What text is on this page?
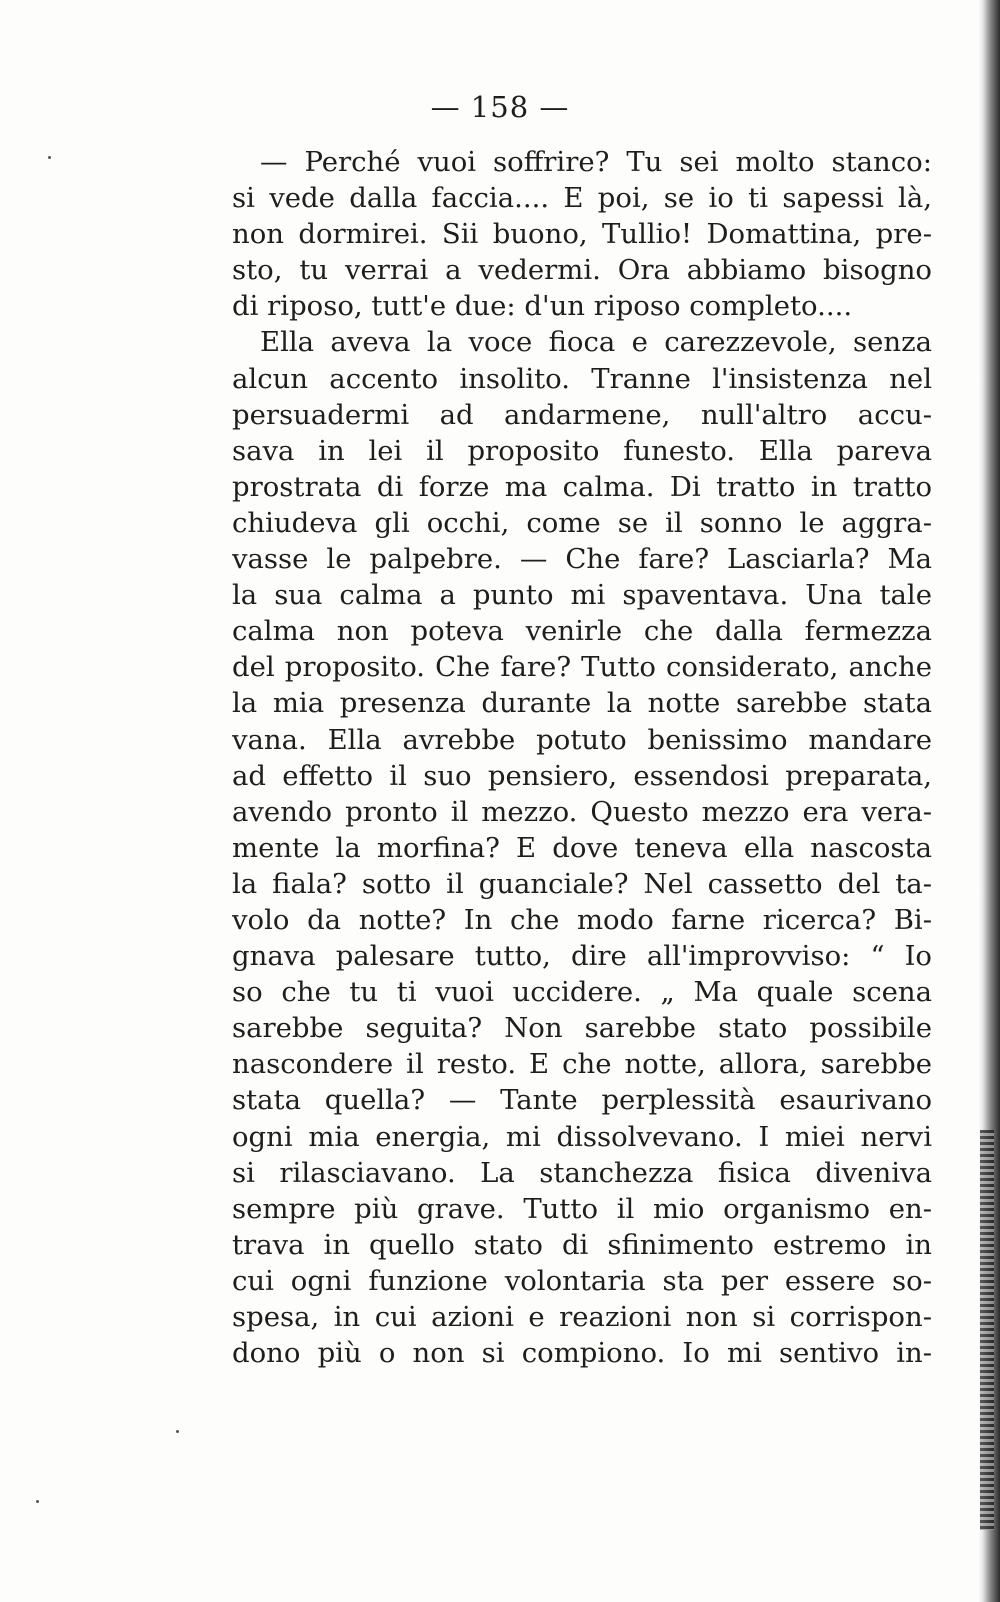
— 158 —
— Perché vuoi soffrire? Tu sei molto stanco:
si vede dalla faccia.... E poi, se io ti sapessi là,
non dormirei. Sii buono, Tullio! Domattina, pre-
sto, tu verrai a vedermi. Ora abbiamo bisogno
di riposo, tutt'e due: d'un riposo completo....
Ella aveva la voce fioca e carezzevole, senza
alcun accento insolito. Tranne l'insistenza nel
persuadermi ad andarmene, null'altro accu-
sava in lei il proposito funesto. Ella pareva
prostrata di forze ma calma. Di tratto in tratto
chiudeva gli occhi, come se il sonno le aggra-
vasse le palpebre. — Che fare? Lasciarla? Ma
la sua calma a punto mi spaventava. Una tale
calma non poteva venirle che dalla fermezza
del proposito. Che fare? Tutto considerato, anche
la mia presenza durante la notte sarebbe stata
vana. Ella avrebbe potuto benissimo mandare
ad effetto il suo pensiero, essendosi preparata,
avendo pronto il mezzo. Questo mezzo era vera-
mente la morfina? E dove teneva ella nascosta
la fiala? sotto il guanciale? Nel cassetto del ta-
volo da notte? In che modo farne ricerca? Bi-
gnava palesare tutto, dire all'improvviso: “ Io
so che tu ti vuoi uccidere. „ Ma quale scena
sarebbe seguita? Non sarebbe stato possibile
nascondere il resto. E che notte, allora, sarebbe
stata quella? — Tante perplessità esaurivano
ogni mia energia, mi dissolvevano. I miei nervi
si rilasciavano. La stanchezza fisica diveniva
sempre più grave. Tutto il mio organismo en-
trava in quello stato di sfinimento estremo in
cui ogni funzione volontaria sta per essere so-
spesa, in cui azioni e reazioni non si corrispon-
dono più o non si compiono. Io mi sentivo in-
